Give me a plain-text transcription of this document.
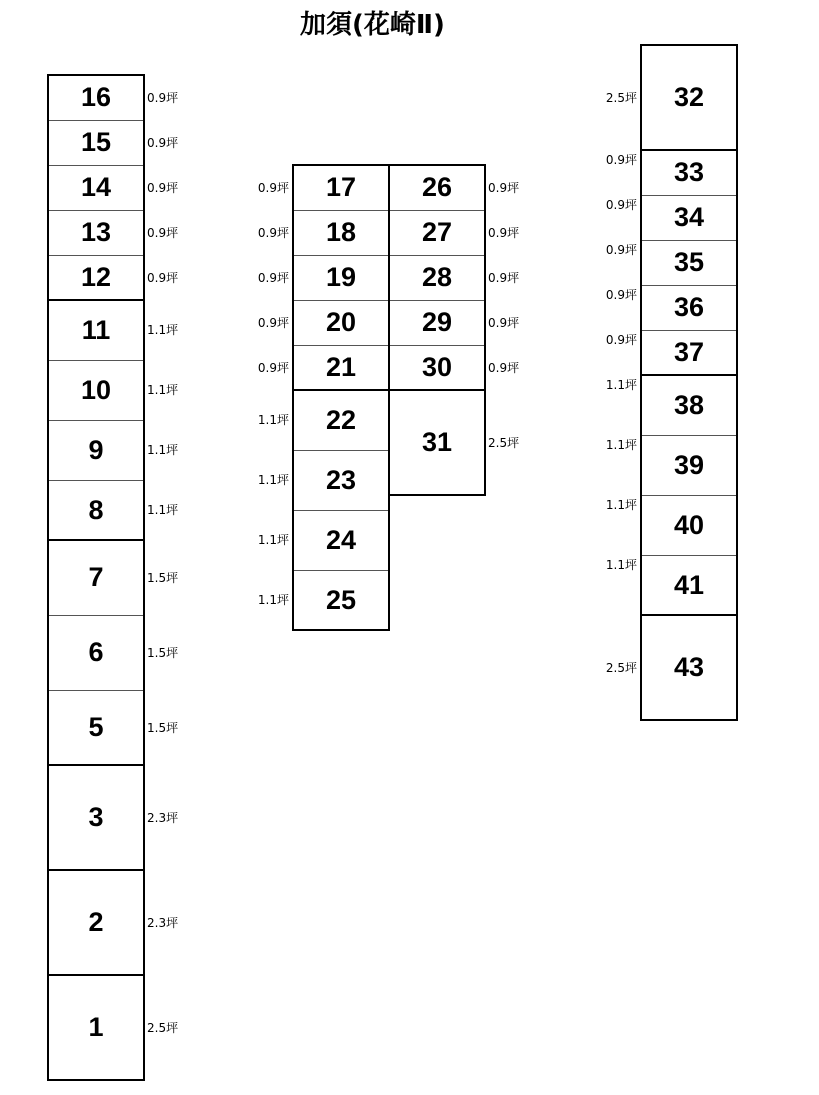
加須(花崎Ⅱ)
16	0.9坪
15	0.9坪
14	0.9坪
13	0.9坪
12	0.9坪
11	1.1坪
10	1.1坪
9	1.1坪
8	1.1坪
7	1.5坪
6	1.5坪
5	1.5坪
3	2.3坪
2	2.3坪
1	2.5坪
17
0.9坪
18
0.9坪
19
0.9坪
20
0.9坪
21
0.9坪
22
1.1坪
23
1.1坪
24
1.1坪
25
1.1坪
26	0.9坪
27	0.9坪
28	0.9坪
29	0.9坪
30	0.9坪
31	2.5坪
32
2.5坪
33
0.9坪
34
0.9坪
35
0.9坪
36
0.9坪
37
0.9坪
38
1.1坪
39
1.1坪
40
1.1坪
41
1.1坪
43
2.5坪
